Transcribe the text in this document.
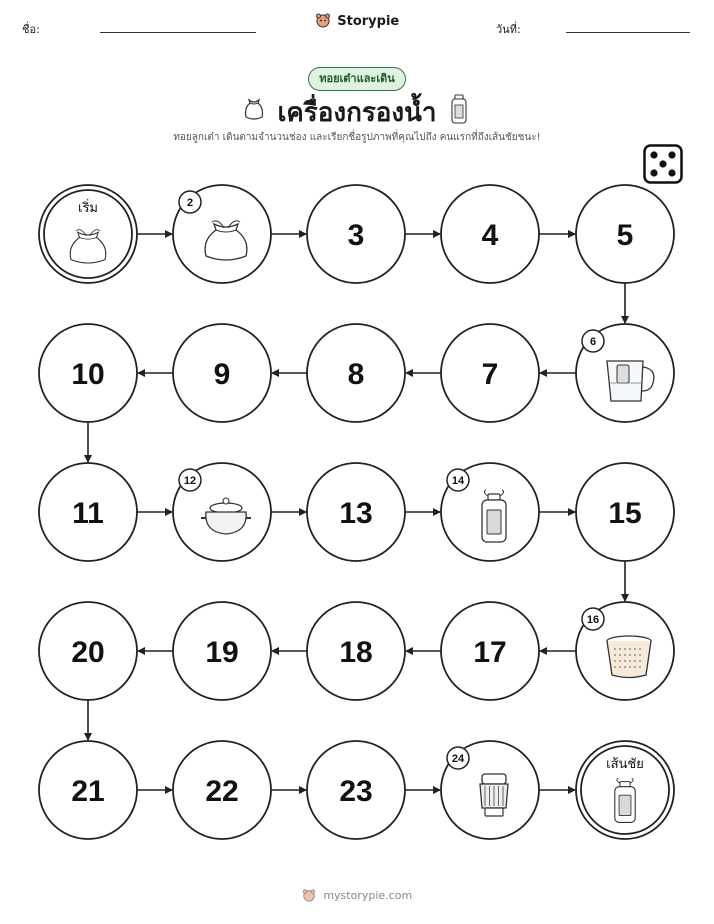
ชื่อ:
Storypie
วันที่:
ทอยเต๋าและเดิน
เครื่องกรองน้ำ
ทอยลูกเต๋า เดินตามจำนวนช่อง และเรียกชื่อรูปภาพที่คุณไปถึง คนแรกที่ถึงเส้นชัยชนะ!
เริ่ม	2
3	4	5
6
7
8
9
10
11
12
13
14
15
16
17
18
19
20
21	22	23
24	เส้นชัย
mystorypie.com
